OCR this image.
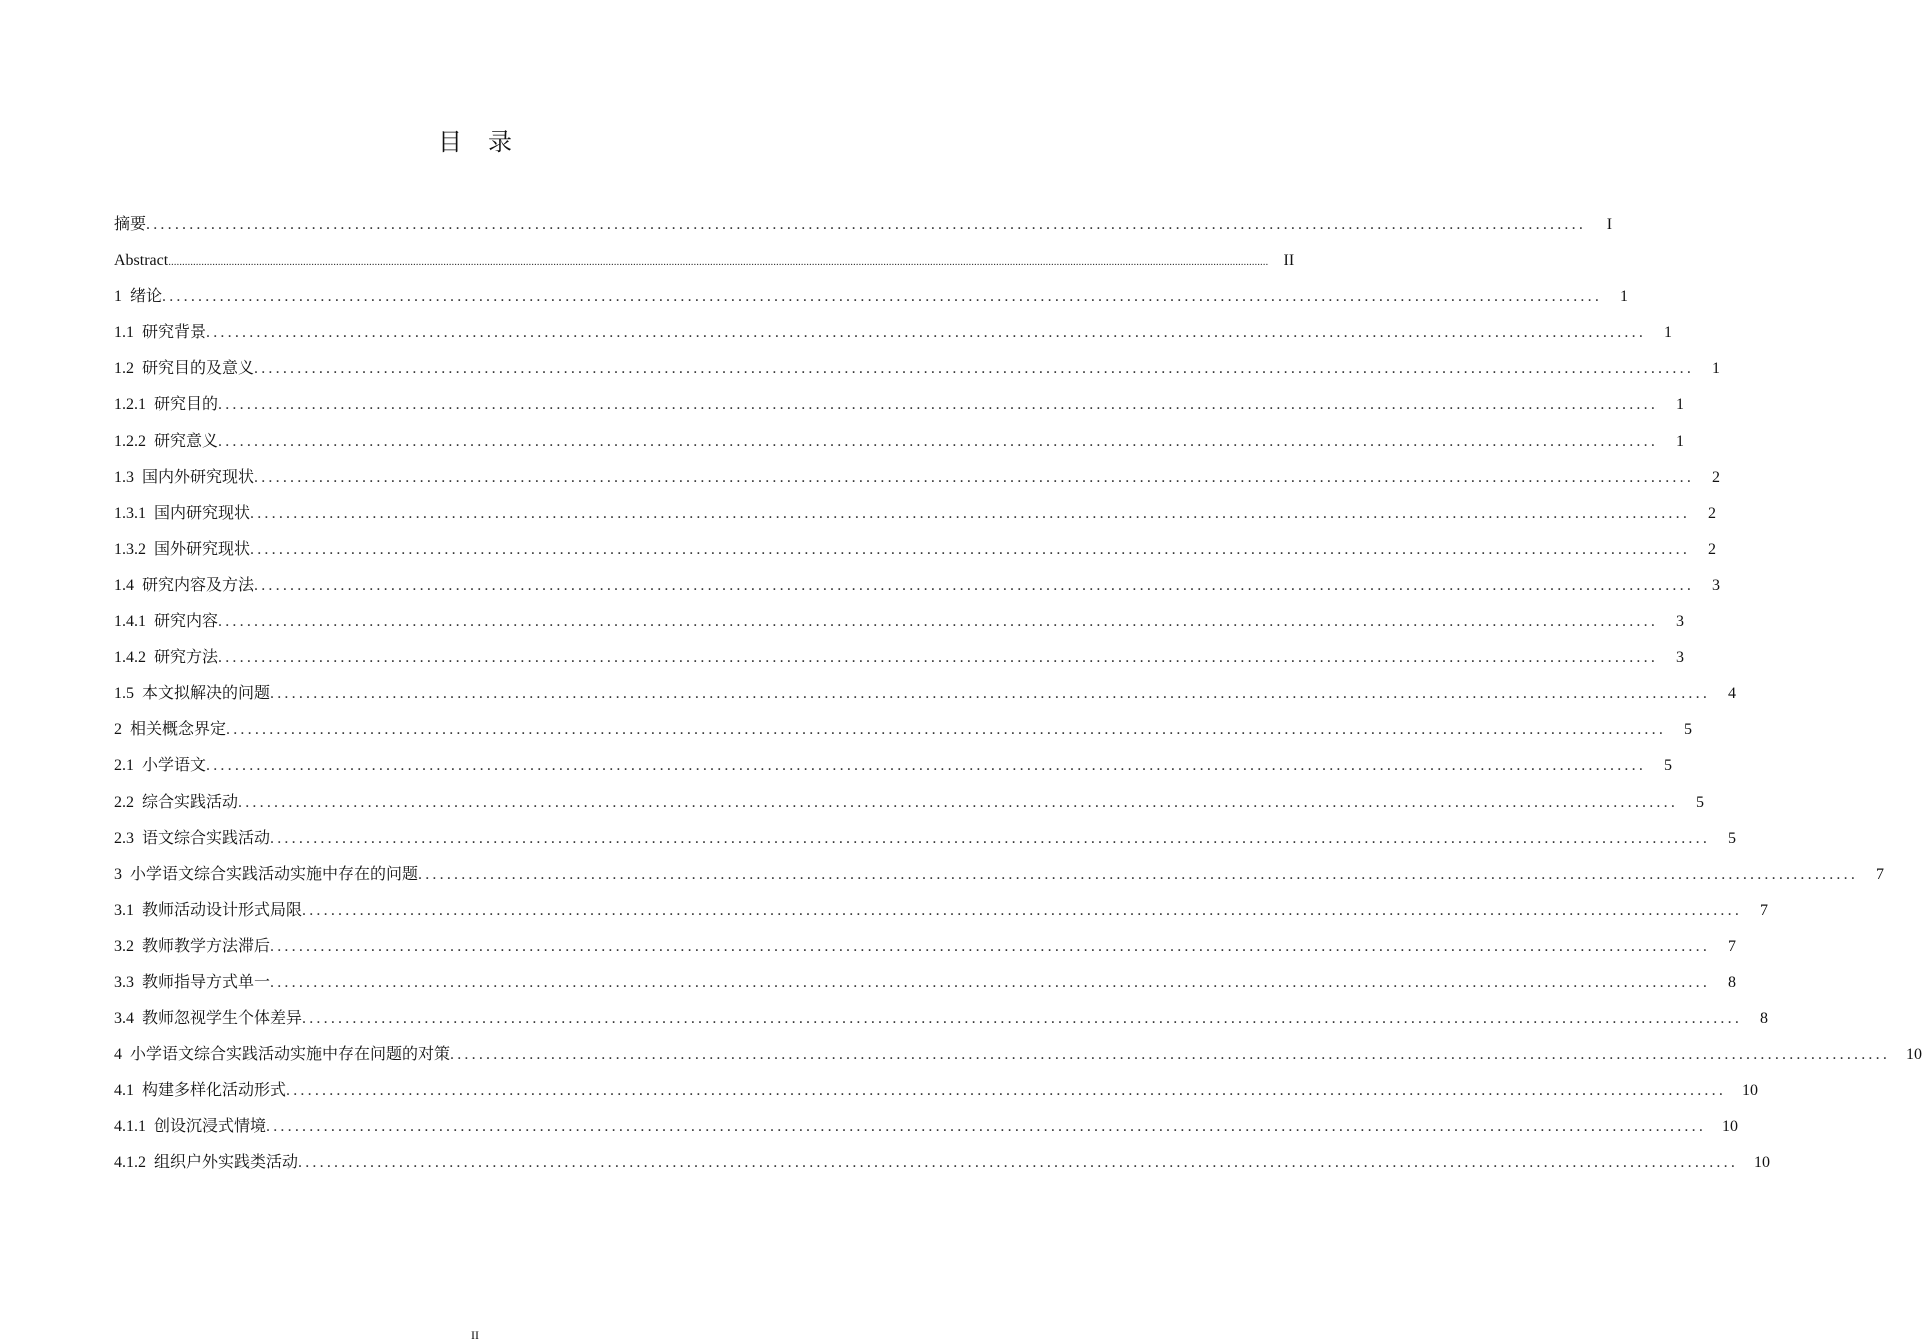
目 录
摘要 ........................................................................................................................................................................................................	I
Abstract ................................................................................................................................................................................................................................................................................................................................................................................................................ II
1 绪论 ........................................................................................................................................................................................................	1
1.1 研究背景 ........................................................................................................................................................................................................	1
1.2 研究目的及意义 ........................................................................................................................................................................................................	1
1.2.1 研究目的 ........................................................................................................................................................................................................	1
1.2.2 研究意义 ........................................................................................................................................................................................................	1
1.3 国内外研究现状 ........................................................................................................................................................................................................	2
1.3.1 国内研究现状 ........................................................................................................................................................................................................	2
1.3.2 国外研究现状 ........................................................................................................................................................................................................	2
1.4 研究内容及方法 ........................................................................................................................................................................................................	3
1.4.1 研究内容 ........................................................................................................................................................................................................	3
1.4.2 研究方法 ........................................................................................................................................................................................................	3
1.5 本文拟解决的问题 ........................................................................................................................................................................................................	4
2 相关概念界定 ........................................................................................................................................................................................................	5
2.1 小学语文 ........................................................................................................................................................................................................	5
2.2 综合实践活动 ........................................................................................................................................................................................................	5
2.3 语文综合实践活动 ........................................................................................................................................................................................................	5
3 小学语文综合实践活动实施中存在的问题 ........................................................................................................................................................................................................	7
3.1 教师活动设计形式局限 ........................................................................................................................................................................................................	7
3.2 教师教学方法滞后 ........................................................................................................................................................................................................	7
3.3 教师指导方式单一 ........................................................................................................................................................................................................	8
3.4 教师忽视学生个体差异 ........................................................................................................................................................................................................	8
4 小学语文综合实践活动实施中存在问题的对策 ........................................................................................................................................................................................................	10
4.1 构建多样化活动形式 ........................................................................................................................................................................................................	10
4.1.1 创设沉浸式情境 ........................................................................................................................................................................................................	10
4.1.2 组织户外实践类活动 ........................................................................................................................................................................................................	10
II
